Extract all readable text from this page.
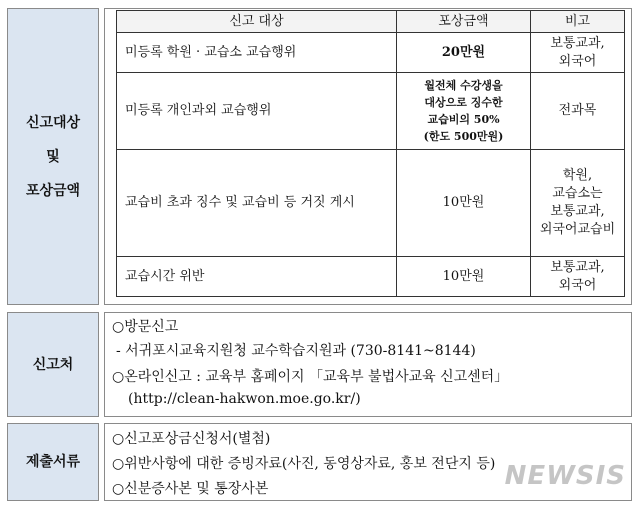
신고대상
및
포상금액
신고 대상	포상금액	비고
미등록 학원 · 교습소 교습행위	20만원	보통교과,
외국어

미등록 개인과외 교습행위	월전체 수강생을
대상으로 징수한
교습비의 50%
(한도 500만원)	전과목
교습비 초과 징수 및 교습비 등 거짓 게시	10만원	학원,
교습소는
보통교과,
외국어교습비

교습시간 위반	10만원	보통교과,
외국어
신고처
○방문신고
- 서귀포시교육지원청 교수학습지원과 (730-8141~8144)
○온라인신고 : 교육부 홈페이지 「교육부 불법사교육 신고센터」
(http://clean-hakwon.moe.go.kr/)
제출서류
○신고포상금신청서(별첨)
○위반사항에 대한 증빙자료(사진, 동영상자료, 홍보 전단지 등)
○신분증사본 및 통장사본	NEWSIS
